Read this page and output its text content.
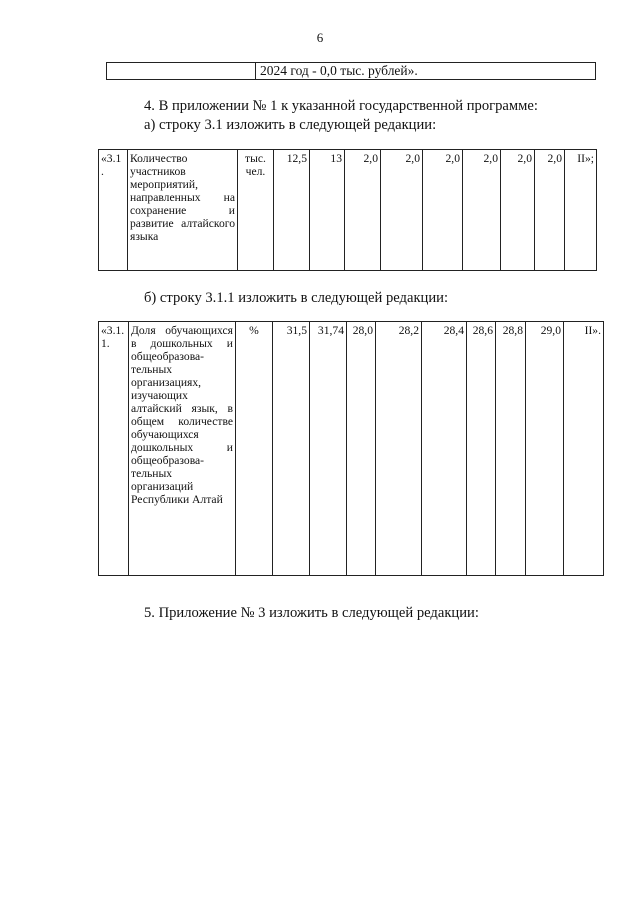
6
	2024 год - 0,0 тыс. рублей».
4. В приложении № 1 к указанной государственной программе:
а) строку 3.1 изложить в следующей редакции:
«3.1 .	Количество участников мероприятий, направленных на сохранение и развитие алтайского языка	тыс. чел.	12,5	13	2,0	2,0	2,0	2,0	2,0	2,0	II»;
б) строку 3.1.1 изложить в следующей редакции:
«3.1. 1.	Доля обучающихся в дошкольных и общеобразова-тельных организациях, изучающих алтайский язык, в общем количестве обучающихся дошкольных и общеобразова-тельных организаций Республики Алтай	%	31,5	31,74	28,0	28,2	28,4	28,6	28,8	29,0	II».
5. Приложение № 3 изложить в следующей редакции:
